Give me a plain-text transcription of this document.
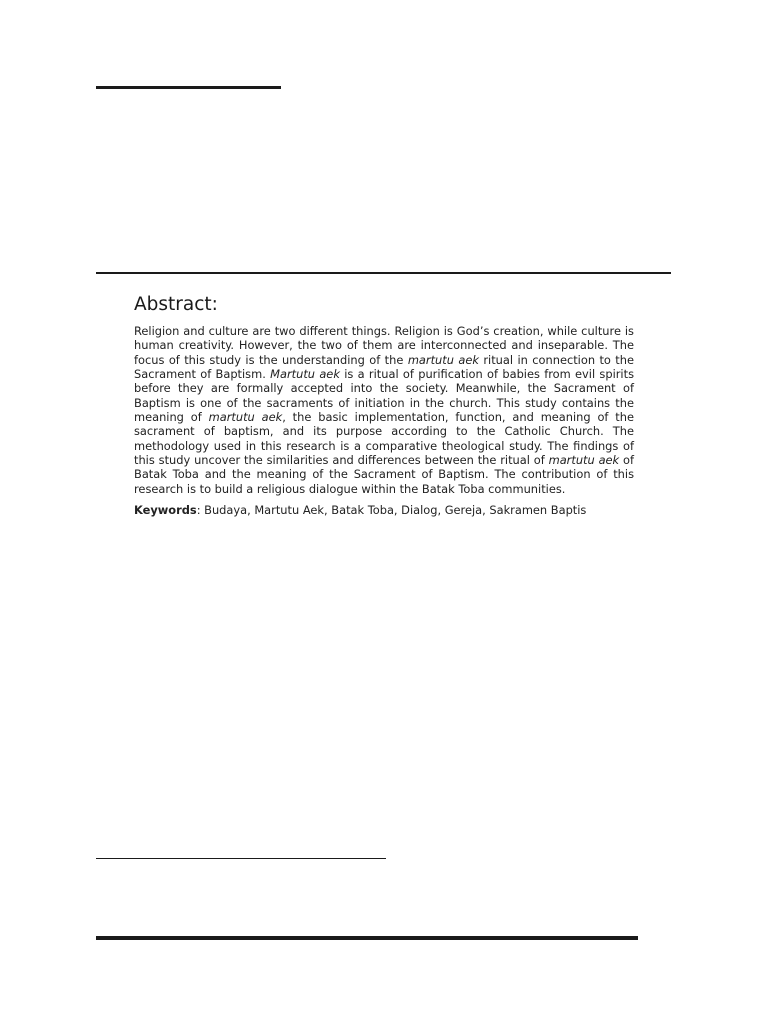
Abstract:

Religion and culture are two different things. Religion is God’s creation, while culture is human creativity. However, the two of them are interconnected and inseparable. The focus of this study is the understanding of the martutu aek ritual in connection to the Sacrament of Baptism. Martutu aek is a ritual of purification of babies from evil spirits before they are formally accepted into the society. Meanwhile, the Sacrament of Baptism is one of the sacraments of initiation in the church. This study contains the meaning of martutu aek, the basic implementation, function, and meaning of the sacrament of baptism, and its purpose according to the Catholic Church. The methodology used in this research is a comparative theological study. The findings of this study uncover the similarities and differences between the ritual of martutu aek of Batak Toba and the meaning of the Sacrament of Baptism. The contribution of this research is to build a religious dialogue within the Batak Toba communities.

Keywords: Budaya, Martutu Aek, Batak Toba, Dialog, Gereja, Sakramen Baptis
